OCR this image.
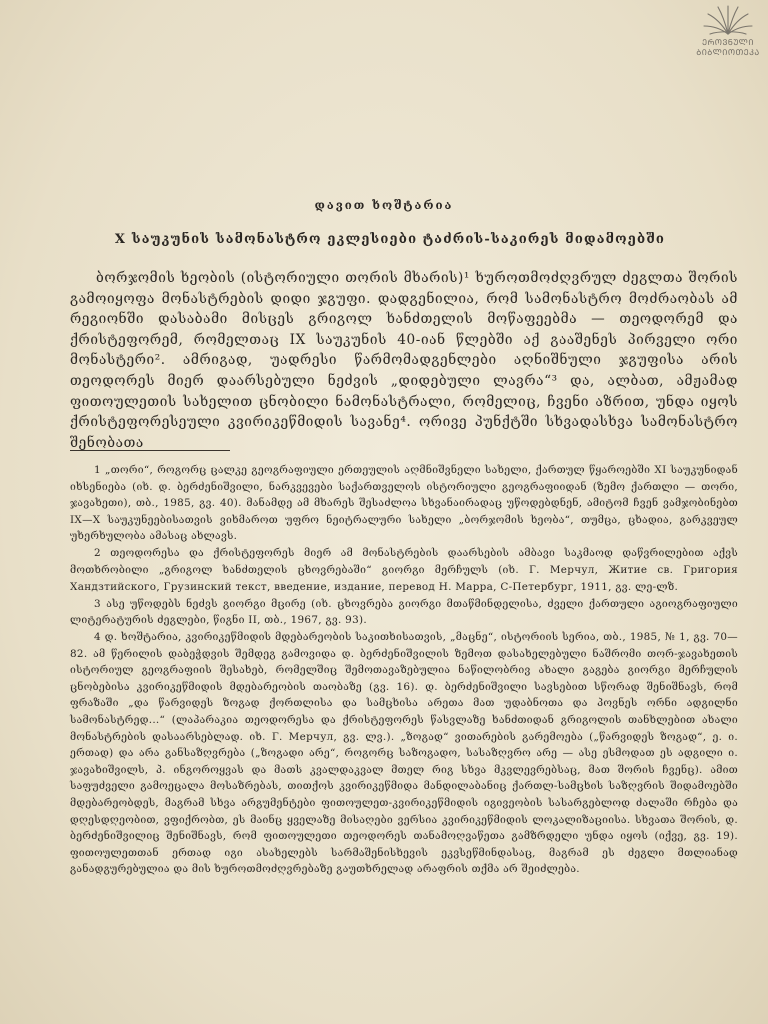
ᲔᲠᲝᲕᲜᲣᲚᲘ
ᲑᲘᲑᲚᲘᲝᲗᲔᲙᲐ
დავით ხოშტარია
X საუკუნის სამონასტრო ეკლესიები ტაძრის-საკირეს მიდამოებში

ბორჯომის ხეობის (ისტორიული თორის მხარის)¹ ხუროთმოძღვრულ ძეგლთა შორის გამოიყოფა მონასტრების დიდი ჯგუფი. დადგენილია, რომ სამონასტრო მოძრაობას ამ რეგიონში დასაბამი მისცეს გრიგოლ ხანძთელის მოწაფეებმა — თეოდორემ და ქრისტეფორემ, რომელთაც IX საუკუნის 40-იან წლებში აქ გააშენეს პირველი ორი მონასტერი². ამრიგად, უადრესი წარმომადგენლები აღნიშნული ჯგუფისა არის თეოდორეს მიერ დაარსებული ნეძვის „დიდებული ლავრა“³ და, ალბათ, ამჟამად ფითოულეთის სახელით ცნობილი ნამონასტრალი, რომელიც, ჩვენი აზრით, უნდა იყოს ქრისტეფორესეული კვირიკეწმიდის სავანე⁴. ორივე პუნქტში სხვადასხვა სამონასტრო შენობათა

1 „თორი“, როგორც ცალკე გეოგრაფიული ერთეულის აღმნიშვნელი სახელი, ქართულ წყაროებში XI საუკუნიდან იხსენიება (იხ. დ. ბერძენიშვილი, ნარკვევები საქართველოს ისტორიული გეოგრაფიიდან (ზემო ქართლი — თორი, ჯავახეთი), თბ., 1985, გვ. 40). მანამდე ამ მხარეს შესაძლოა სხვანაირადაც უწოდებდნენ, ამიტომ ჩვენ ვამჯობინებთ IX—X საუკუნეებისათვის ვიხმაროთ უფრო ნეიტრალური სახელი „ბორჯომის ხეობა“, თუმცა, ცხადია, გარკვეულ უხერხულობა ამასაც ახლავს.

2 თეოდორესა და ქრისტეფორეს მიერ ამ მონასტრების დაარსების ამბავი საკმაოდ დაწვრილებით აქვს მოთხრობილი „გრიგოლ ხანძთელის ცხოვრებაში“ გიორგი მერჩულს (იხ. Г. Мерчул, Житие св. Григория Хандзтийского, Грузинский текст, введение, издание, перевод Н. Марра, С-Петербург, 1911, გვ. ლე-ლზ.

3 ასე უწოდებს ნეძვს გიორგი მცირე (იხ. ცხოვრება გიორგი მთაწმინდელისა, ძველი ქართული აგიოგრაფიული ლიტერატურის ძეგლები, წიგნი II, თბ., 1967, გვ. 93).

4 დ. ხოშტარია, კვირიკეწმიდის მდებარეობის საკითხისათვის, „მაცნე“, ისტორიის სერია, თბ., 1985, № 1, გვ. 70—82. ამ წერილის დაბეჭდვის შემდეგ გამოვიდა დ. ბერძენიშვილის ზემოთ დასახელებული ნაშრომი თორ-ჯავახეთის ისტორიულ გეოგრაფიის შესახებ, რომელშიც შემოთავაზებულია ნაწილობრივ ახალი გაგება გიორგი მერჩულის ცნობებისა კვირიკეწმიდის მდებარეობის თაობაზე (გვ. 16). დ. ბერძენიშვილი სავსებით სწორად შენიშნავს, რომ ფრაზაში „და წარვიდეს ზოგად ქორთლისა და სამცხისა არეთა მათ უდაბნოთა და პოვნეს ორნი ადგილნი სამონასტრედ...“ (ლაპარაკია თეოდორესა და ქრისტეფორეს წასვლაზე ხანძთიდან გრიგოლის თანხლებით ახალი მონასტრების დასაარსებლად. იხ. Г. Мерчул, გვ. ლვ.). „ზოგად“ ვითარების გარემოება („წარვიდეს ზოგად“, ე. ი. ერთად) და არა განსაზღვრება („ზოგადი არე“, როგორც საზოგადო, სასაზღვრო არე — ასე ესმოდათ ეს ადგილი ი. ჯავახიშვილს, პ. ინგოროყვას და მათს კვალდაკვალ მთელ რიგ სხვა მკვლევრებსაც, მათ შორის ჩვენც). ამით საფუძველი გამოეცალა მოსაზრებას, თითქოს კვირიკეწმიდა მანდილაბანიც ქართლ-სამცხის საზღვრის შიდამოებში მდებარეობდეს, მაგრამ სხვა არგუმენტები ფითოულეთ-კვირიკეწმიდის იგივეობის სასარგებლოდ ძალაში რჩება და დღესდღეობით, ვფიქრობთ, ეს მაინც ყველაზე მისაღები ვერსია კვირიკეწმიდის ლოკალიზაციისა. სხვათა შორის, დ. ბერძენიშვილიც შენიშნავს, რომ ფითოულეთი თეოდორეს თანამოღვაწეთა გამზრდელი უნდა იყოს (იქვე, გვ. 19). ფითოულეთთან ერთად იგი ასახელებს სარმაშენისხევის ეკვსეწმინდასაც, მაგრამ ეს ძეგლი მთლიანად განადგურებულია და მის ხუროთმოძღვრებაზე გაუთხრელად არაფრის თქმა არ შეიძლება.
